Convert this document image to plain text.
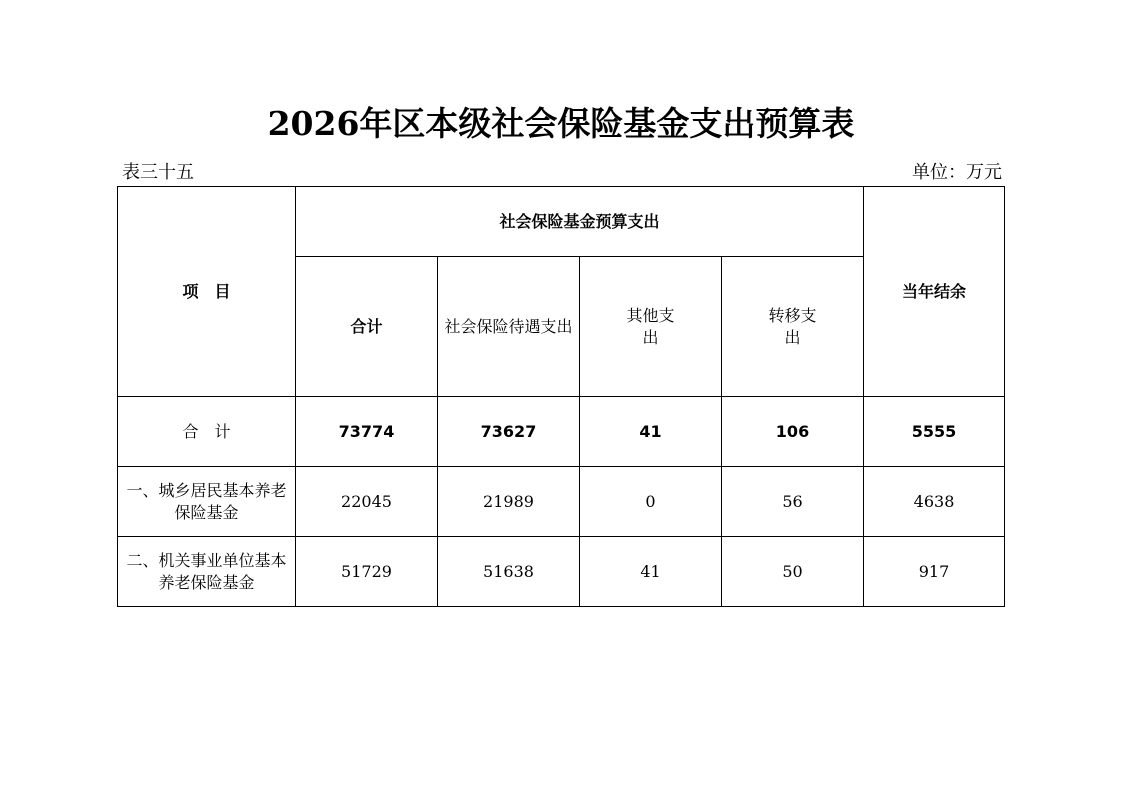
2026年区本级社会保险基金支出预算表
表三十五	单位：万元
项　目	社会保险基金预算支出				当年结余
	合计	社会保险待遇支出	其他支出	转移支出	
合　计	73774	73627	41	106	5555
一、城乡居民基本养老保险基金	22045	21989	0	56	4638
二、机关事业单位基本养老保险基金	51729	51638	41	50	917
